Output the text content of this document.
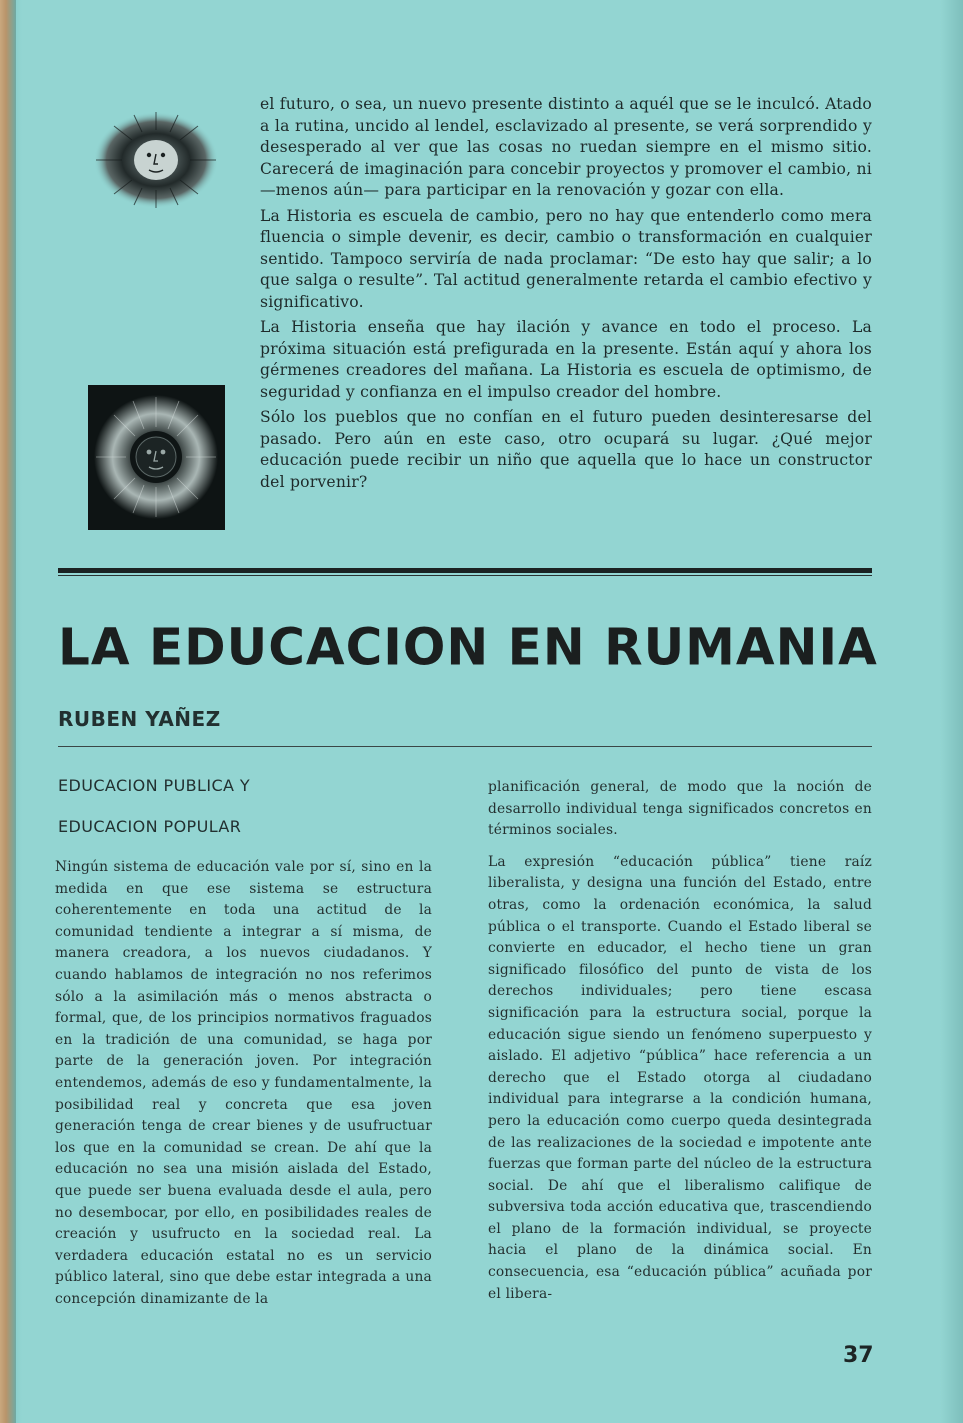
el futuro, o sea, un nuevo presente distinto a aquél que se le inculcó. Atado a la rutina, uncido al lendel, esclavizado al presente, se verá sorprendido y desesperado al ver que las cosas no ruedan siempre en el mismo sitio. Carecerá de imaginación para concebir proyectos y promover el cambio, ni —menos aún— para participar en la renovación y gozar con ella.

La Historia es escuela de cambio, pero no hay que entenderlo como mera fluencia o simple devenir, es decir, cambio o transformación en cualquier sentido. Tampoco serviría de nada proclamar: “De esto hay que salir; a lo que salga o resulte”. Tal actitud generalmente retarda el cambio efectivo y significativo.

La Historia enseña que hay ilación y avance en todo el proceso. La próxima situación está prefigurada en la presente. Están aquí y ahora los gérmenes creadores del mañana. La Historia es escuela de optimismo, de seguridad y confianza en el impulso creador del hombre.

Sólo los pueblos que no confían en el futuro pueden desinteresarse del pasado. Pero aún en este caso, otro ocupará su lugar. ¿Qué mejor educación puede recibir un niño que aquella que lo hace un constructor del porvenir?

LA EDUCACION EN RUMANIA
RUBEN YAÑEZ
EDUCACION PUBLICA Y
EDUCACION POPULAR

Ningún sistema de educación vale por sí, sino en la medida en que ese sistema se estructura coherentemente en toda una actitud de la comunidad tendiente a integrar a sí misma, de manera creadora, a los nuevos ciudadanos. Y cuando hablamos de integración no nos referimos sólo a la asimilación más o menos abstracta o formal, que, de los principios normativos fraguados en la tradición de una comunidad, se haga por parte de la generación joven. Por integración entendemos, además de eso y fundamentalmente, la posibilidad real y concreta que esa joven generación tenga de crear bienes y de usufructuar los que en la comunidad se crean. De ahí que la educación no sea una misión aislada del Estado, que puede ser buena evaluada desde el aula, pero no desembocar, por ello, en posibilidades reales de creación y usufructo en la sociedad real. La verdadera educación estatal no es un servicio público lateral, sino que debe estar integrada a una concepción dinamizante de la

planificación general, de modo que la noción de desarrollo individual tenga significados concretos en términos sociales.

La expresión “educación pública” tiene raíz liberalista, y designa una función del Estado, entre otras, como la ordenación económica, la salud pública o el transporte. Cuando el Estado liberal se convierte en educador, el hecho tiene un gran significado filosófico del punto de vista de los derechos individuales; pero tiene escasa significación para la estructura social, porque la educación sigue siendo un fenómeno superpuesto y aislado. El adjetivo “pública” hace referencia a un derecho que el Estado otorga al ciudadano individual para integrarse a la condición humana, pero la educación como cuerpo queda desintegrada de las realizaciones de la sociedad e impotente ante fuerzas que forman parte del núcleo de la estructura social. De ahí que el liberalismo califique de subversiva toda acción educativa que, trascendiendo el plano de la formación individual, se proyecte hacia el plano de la dinámica social. En consecuencia, esa “educación pública” acuñada por el libera-

37
